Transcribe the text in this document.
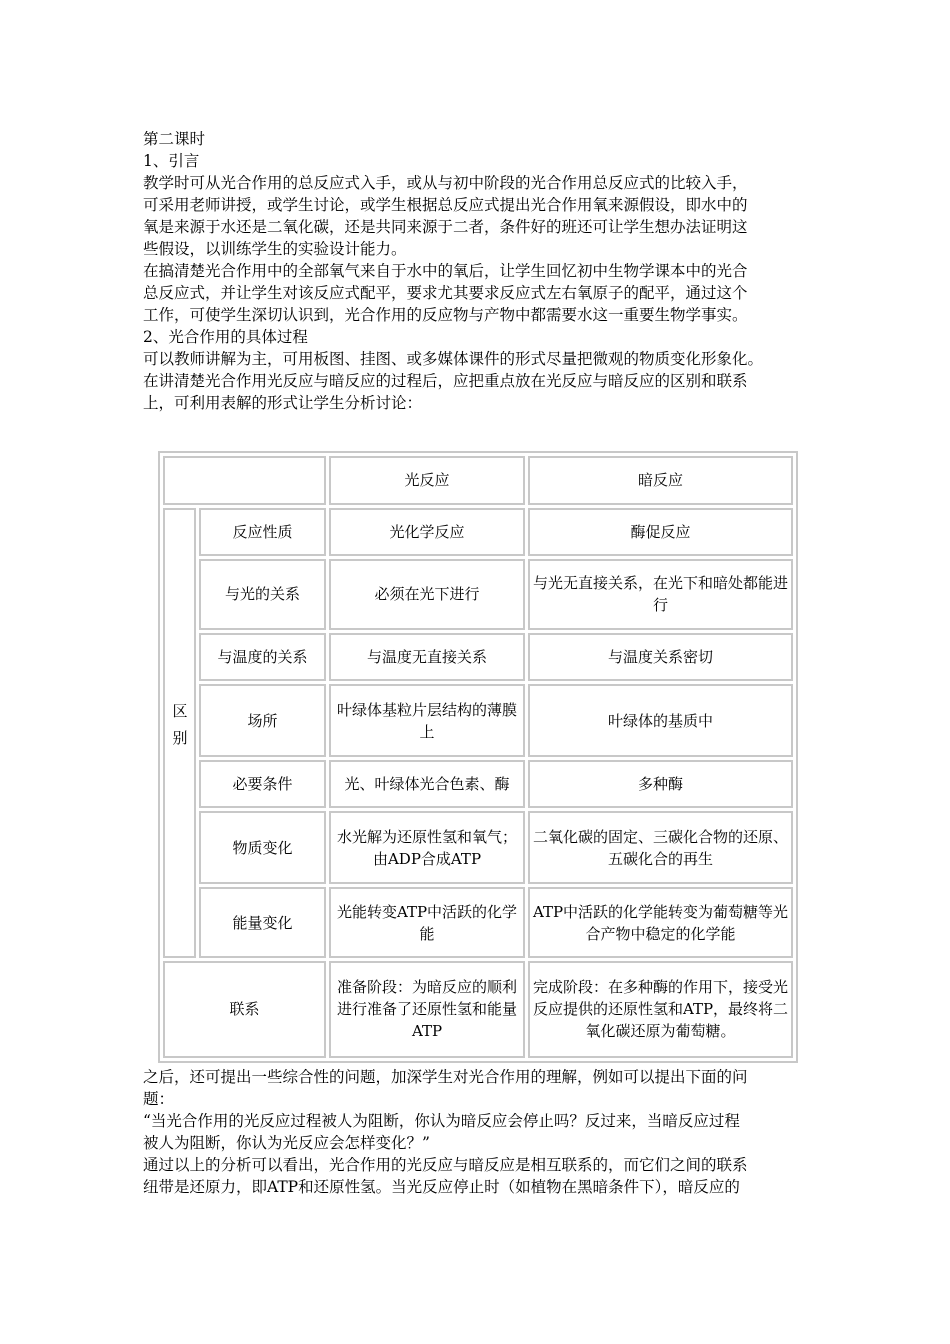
第二课时
1、引言
教学时可从光合作用的总反应式入手，或从与初中阶段的光合作用总反应式的比较入手，
可采用老师讲授，或学生讨论，或学生根据总反应式提出光合作用氧来源假设，即水中的
氧是来源于水还是二氧化碳，还是共同来源于二者，条件好的班还可让学生想办法证明这
些假设，以训练学生的实验设计能力。
在搞清楚光合作用中的全部氧气来自于水中的氧后，让学生回忆初中生物学课本中的光合
总反应式，并让学生对该反应式配平，要求尤其要求反应式左右氧原子的配平，通过这个
工作，可使学生深切认识到，光合作用的反应物与产物中都需要水这一重要生物学事实。
2、光合作用的具体过程
可以教师讲解为主，可用板图、挂图、或多媒体课件的形式尽量把微观的物质变化形象化。
在讲清楚光合作用光反应与暗反应的过程后，应把重点放在光反应与暗反应的区别和联系
上，可利用表解的形式让学生分析讨论：
		光反应	暗反应
区别	反应性质	光化学反应	酶促反应
	与光的关系	必须在光下进行	与光无直接关系，在光下和暗处都能进行
	与温度的关系	与温度无直接关系	与温度关系密切
	场所	叶绿体基粒片层结构的薄膜上	叶绿体的基质中
	必要条件	光、叶绿体光合色素、酶	多种酶
	物质变化	水光解为还原性氢和氧气；由ADP合成ATP	二氧化碳的固定、三碳化合物的还原、五碳化合的再生
	能量变化	光能转变ATP中活跃的化学能	ATP中活跃的化学能转变为葡萄糖等光合产物中稳定的化学能
联系		准备阶段：为暗反应的顺利进行准备了还原性氢和能量ATP	完成阶段：在多种酶的作用下，接受光反应提供的还原性氢和ATP，最终将二氧化碳还原为葡萄糖。
之后，还可提出一些综合性的问题，加深学生对光合作用的理解，例如可以提出下面的问
题：
“当光合作用的光反应过程被人为阻断，你认为暗反应会停止吗？反过来，当暗反应过程
被人为阻断，你认为光反应会怎样变化？”
通过以上的分析可以看出，光合作用的光反应与暗反应是相互联系的，而它们之间的联系
纽带是还原力，即ATP和还原性氢。当光反应停止时（如植物在黑暗条件下），暗反应的
